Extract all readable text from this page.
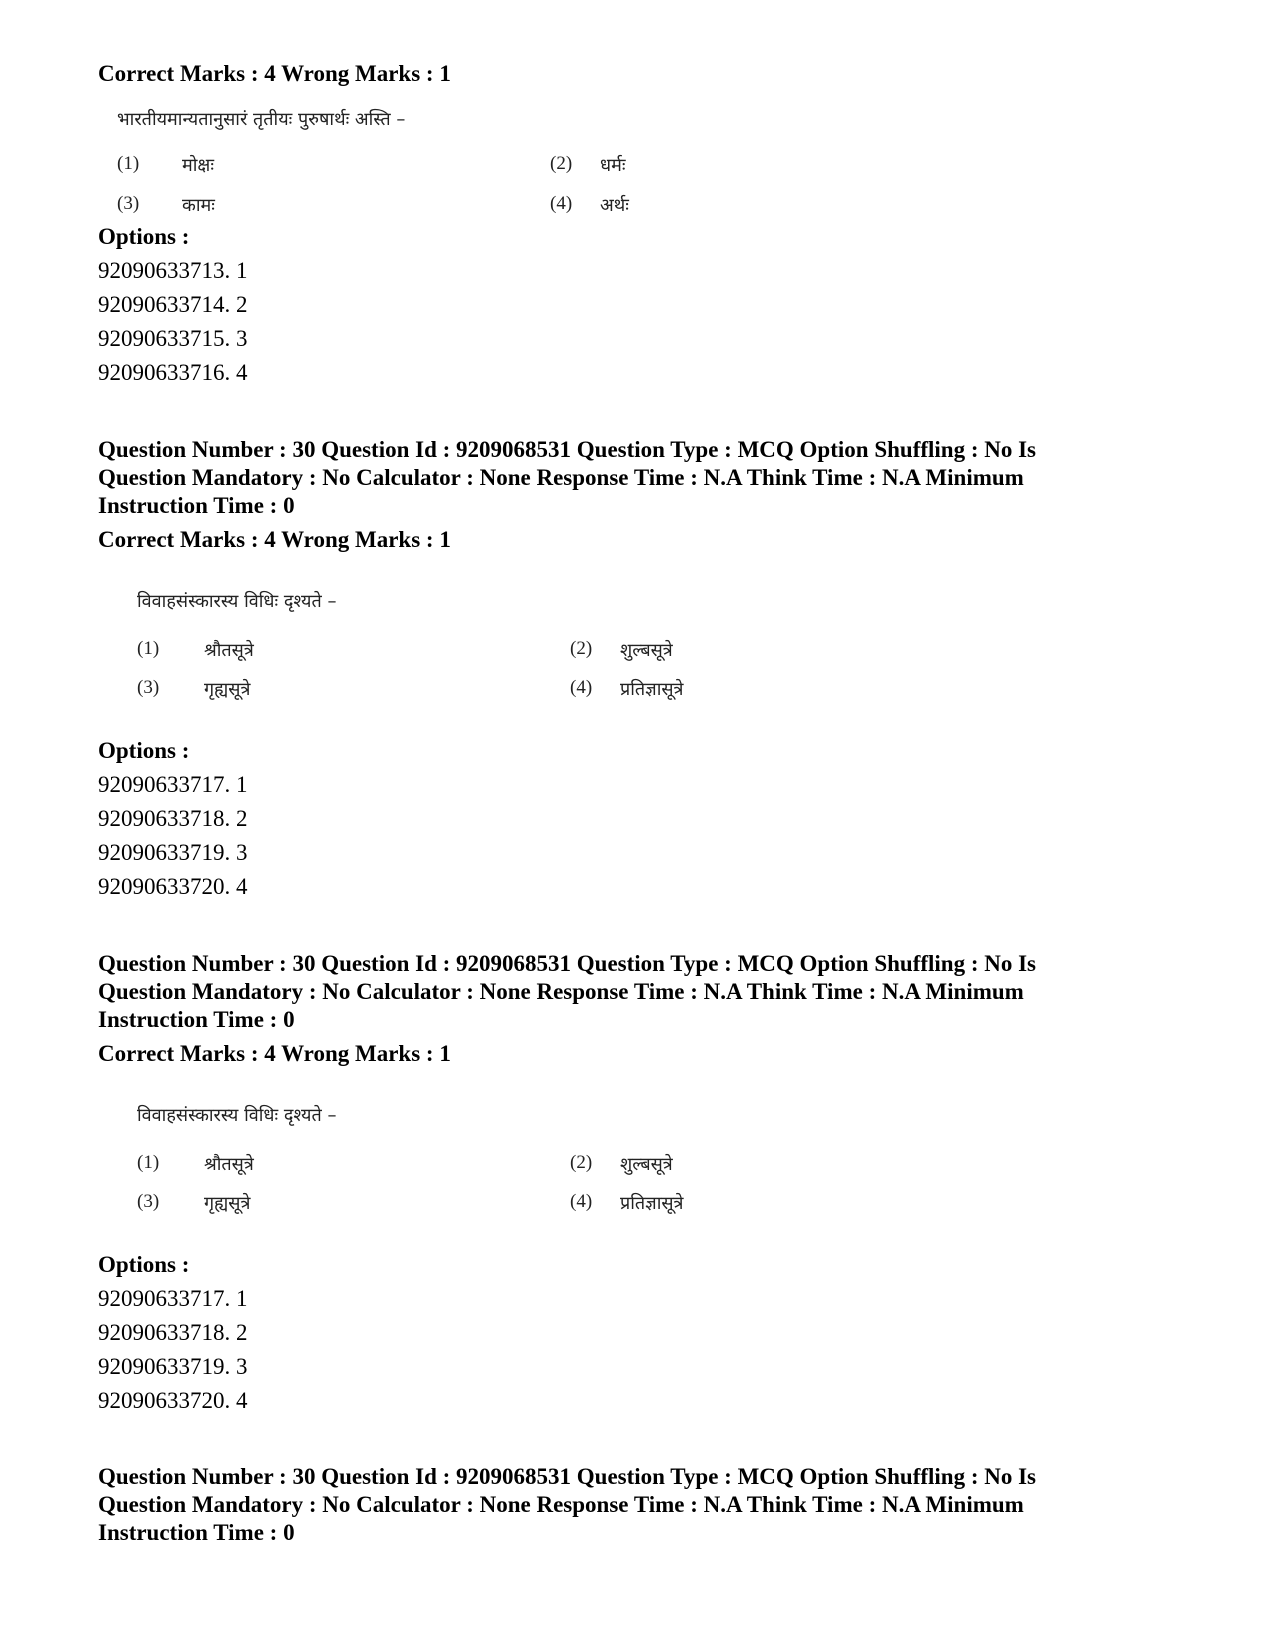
Correct Marks : 4 Wrong Marks : 1
भारतीयमान्यतानुसारं तृतीयः पुरुषार्थः अस्ति –
(1) मोक्षः	(2) धर्मः
(3) कामः	(4) अर्थः
Options :
92090633713. 1
92090633714. 2
92090633715. 3
92090633716. 4
Question Number : 30 Question Id : 9209068531 Question Type : MCQ Option Shuffling : No Is
Question Mandatory : No Calculator : None Response Time : N.A Think Time : N.A Minimum
Instruction Time : 0
Correct Marks : 4 Wrong Marks : 1
विवाहसंस्कारस्य विधिः दृश्यते –
(1) श्रौतसूत्रे	(2) शुल्बसूत्रे
(3) गृह्यसूत्रे	(4) प्रतिज्ञासूत्रे
Options :
92090633717. 1
92090633718. 2
92090633719. 3
92090633720. 4
Question Number : 30 Question Id : 9209068531 Question Type : MCQ Option Shuffling : No Is
Question Mandatory : No Calculator : None Response Time : N.A Think Time : N.A Minimum
Instruction Time : 0
Correct Marks : 4 Wrong Marks : 1
विवाहसंस्कारस्य विधिः दृश्यते –
(1) श्रौतसूत्रे	(2) शुल्बसूत्रे
(3) गृह्यसूत्रे	(4) प्रतिज्ञासूत्रे
Options :
92090633717. 1
92090633718. 2
92090633719. 3
92090633720. 4
Question Number : 30 Question Id : 9209068531 Question Type : MCQ Option Shuffling : No Is
Question Mandatory : No Calculator : None Response Time : N.A Think Time : N.A Minimum
Instruction Time : 0
